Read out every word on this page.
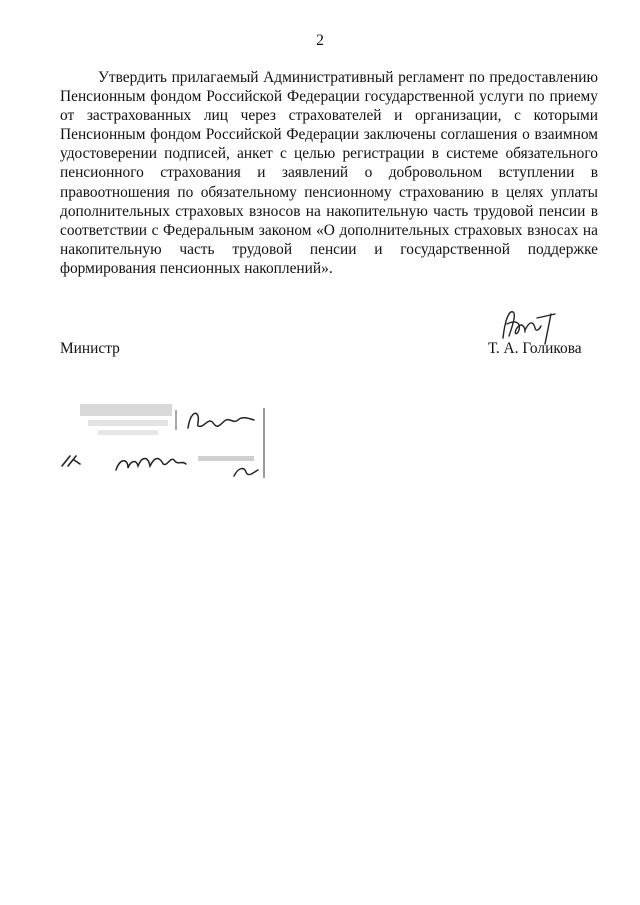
2

Утвердить прилагаемый Административный регламент по предоставлению Пенсионным фондом Российской Федерации государственной услуги по приему от застрахованных лиц через страхователей и организации, с которыми Пенсионным фондом Российской Федерации заключены соглашения о взаимном удостоверении подписей, анкет с целью регистрации в системе обязательного пенсионного страхования и заявлений о добровольном вступлении в правоотношения по обязательному пенсионному страхованию в целях уплаты дополнительных страховых взносов на накопительную часть трудовой пенсии в соответствии с Федеральным законом «О дополнительных страховых взносах на накопительную часть трудовой пенсии и государственной поддержке формирования пенсионных накоплений».

Министр	Т. А. Голикова
